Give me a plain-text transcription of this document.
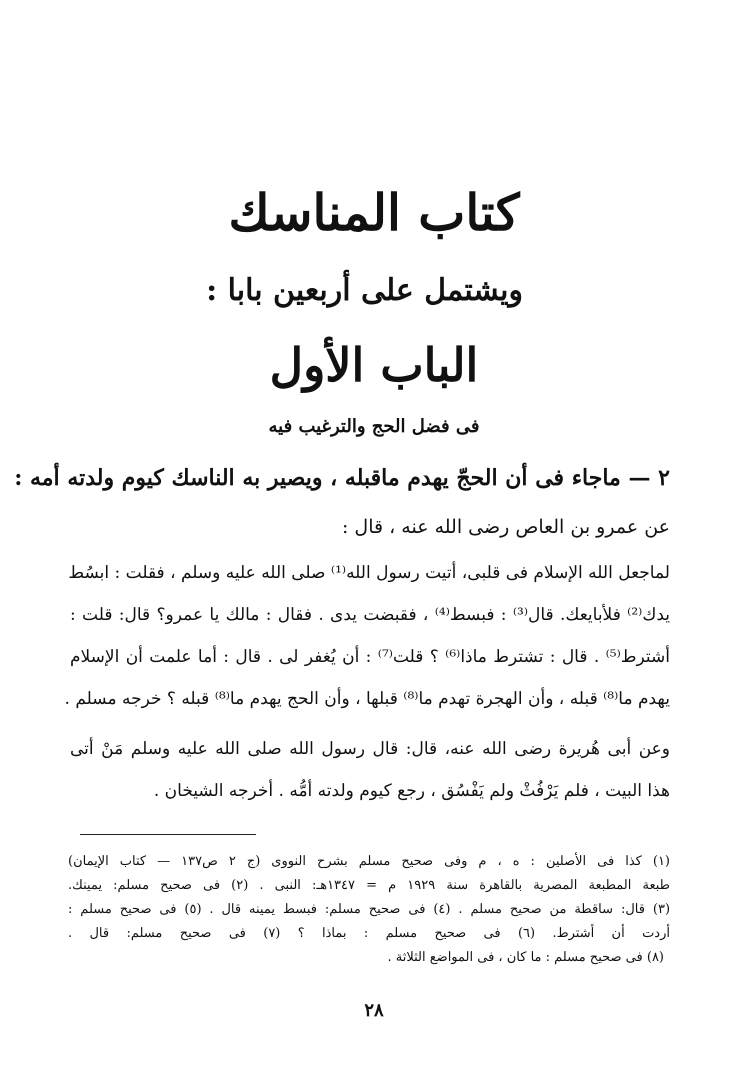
كتاب المناسك
ويشتمل على أربعين بابا :
الباب الأول
فى فضل الحج والترغيب فيه
٢ — ماجاء فى أن الحجّ يهدم ماقبله ، ويصير به الناسك كيوم ولدته أمه :
عن عمرو بن العاص رضى الله عنه ، قال :
لماجعل الله الإسلام فى قلبى، أتيت رسول الله⁽¹⁾ صلى الله عليه وسلم ، فقلت : ابسُط
يدك⁽²⁾ فلأبايعك. قال⁽³⁾ : فبسط⁽⁴⁾ ، فقبضت يدى . فقال : مالك يا عمرو؟ قال: قلت :
أشترط⁽⁵⁾ . قال : تشترط ماذا⁽⁶⁾ ؟ قلت⁽⁷⁾ : أن يُغفر لى . قال : أما علمت أن الإسلام
يهدم ما⁽⁸⁾ قبله ، وأن الهجرة تهدم ما⁽⁸⁾ قبلها ، وأن الحج يهدم ما⁽⁸⁾ قبله ؟ خرجه مسلم .
وعن أبى هُريرة رضى الله عنه، قال: قال رسول الله صلى الله عليه وسلم مَنْ أتى
هذا البيت ، فلم يَرْفُثْ ولم يَفْسُق ، رجع كيوم ولدته أمُّه . أخرجه الشيخان .
(١) كذا فى الأصلين : ه ، م وفى صحيح مسلم بشرح النووى (ج ٢ ص١٣٧ — كتاب الإيمان)
طبعة المطبعة المصرية بالقاهرة سنة ١٩٢٩ م = ١٣٤٧هـ: النبى . (٢) فى صحيح مسلم: يمينك.
(٣) قال: ساقطة من صحيح مسلم . (٤) فى صحيح مسلم: فبسط يمينه قال . (٥) فى صحيح مسلم :
أردت أن أشترط. (٦) فى صحيح مسلم : بماذا ؟ (٧) فى صحيح مسلم: قال .
(٨) فى صحيح مسلم : ما كان ، فى المواضع الثلاثة .
٢٨
